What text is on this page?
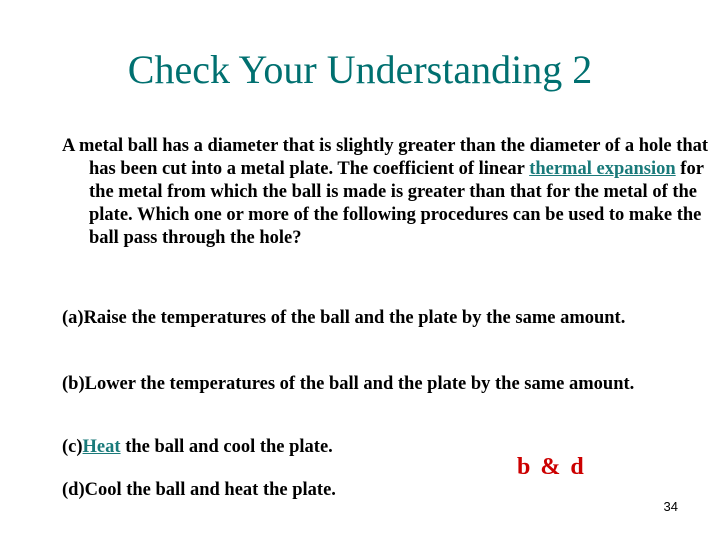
Check Your Understanding 2

A metal ball has a diameter that is slightly greater than the diameter of a hole that has been cut into a metal plate. The coefficient of linear thermal expansion for the metal from which the ball is made is greater than that for the metal of the plate. Which one or more of the following procedures can be used to make the ball pass through the hole?

(a)Raise the temperatures of the ball and the plate by the same amount.

(b)Lower the temperatures of the ball and the plate by the same amount.

(c)Heat the ball and cool the plate.

(d)Cool the ball and heat the plate.

b & d
34
